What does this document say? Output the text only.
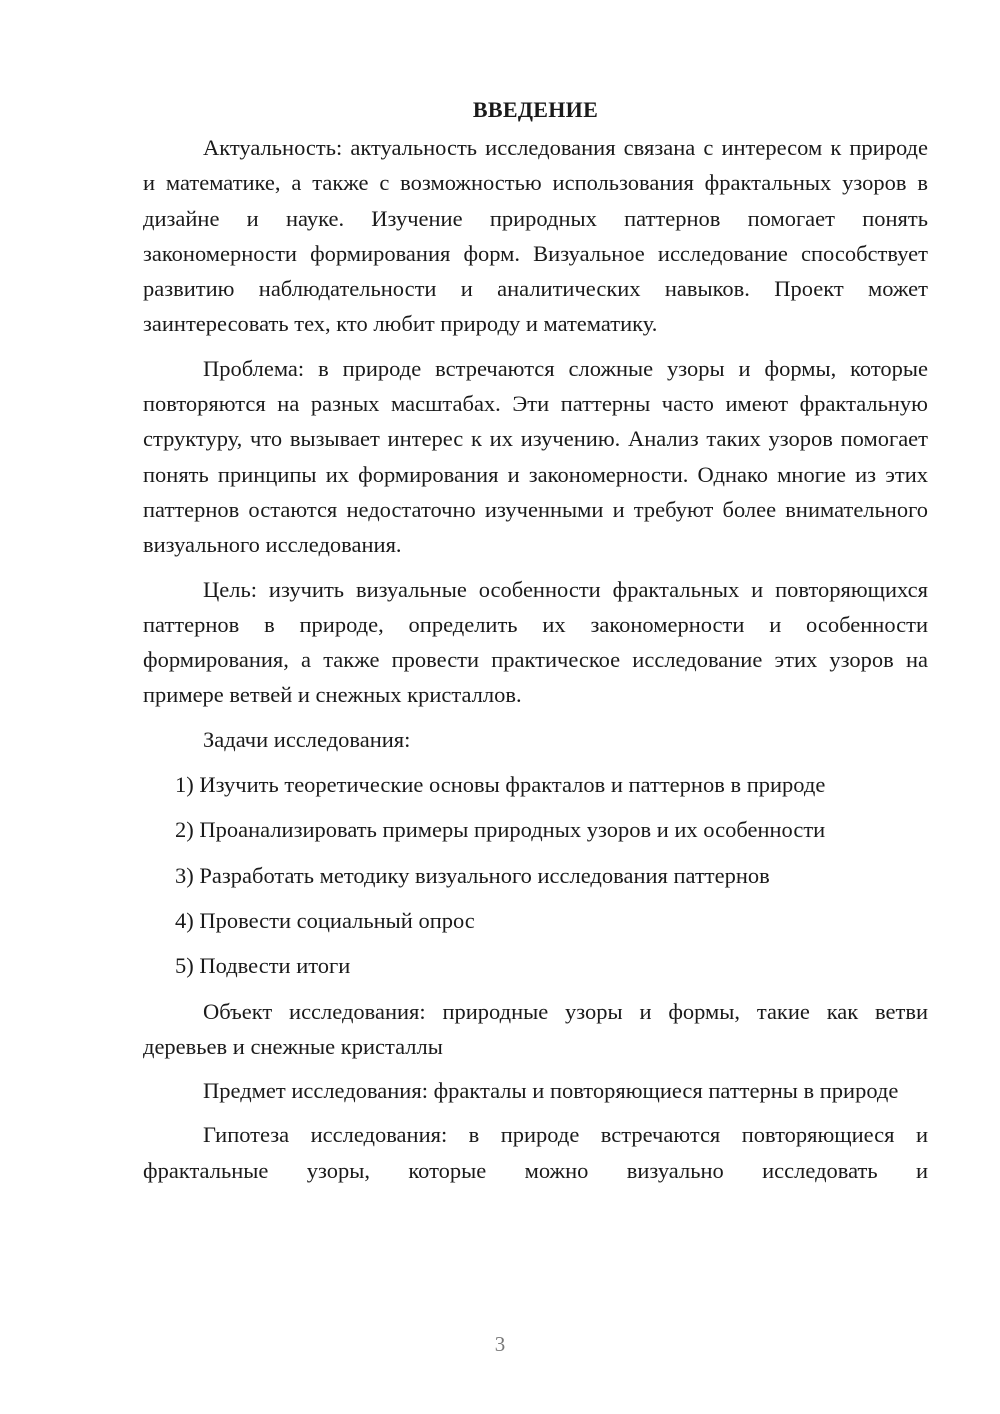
ВВЕДЕНИЕ

Актуальность: актуальность исследования связана с интересом к природе и математике, а также с возможностью использования фрактальных узоров в дизайне и науке. Изучение природных паттернов помогает понять закономерности формирования форм. Визуальное исследование способствует развитию наблюдательности и аналитических навыков. Проект может заинтересовать тех, кто любит природу и математику.

Проблема: в природе встречаются сложные узоры и формы, которые повторяются на разных масштабах. Эти паттерны часто имеют фрактальную структуру, что вызывает интерес к их изучению. Анализ таких узоров помогает понять принципы их формирования и закономерности. Однако многие из этих паттернов остаются недостаточно изученными и требуют более внимательного визуального исследования.

Цель: изучить визуальные особенности фрактальных и повторяющихся паттернов в природе, определить их закономерности и особенности формирования, а также провести практическое исследование этих узоров на примере ветвей и снежных кристаллов.

Задачи исследования:

1) Изучить теоретические основы фракталов и паттернов в природе
2) Проанализировать примеры природных узоров и их особенности
3) Разработать методику визуального исследования паттернов
4) Провести социальный опрос
5) Подвести итоги

Объект исследования: природные узоры и формы, такие как ветви деревьев и снежные кристаллы

Предмет исследования: фракталы и повторяющиеся паттерны в природе

Гипотеза исследования: в природе встречаются повторяющиеся и фрактальные узоры, которые можно визуально исследовать и

3
